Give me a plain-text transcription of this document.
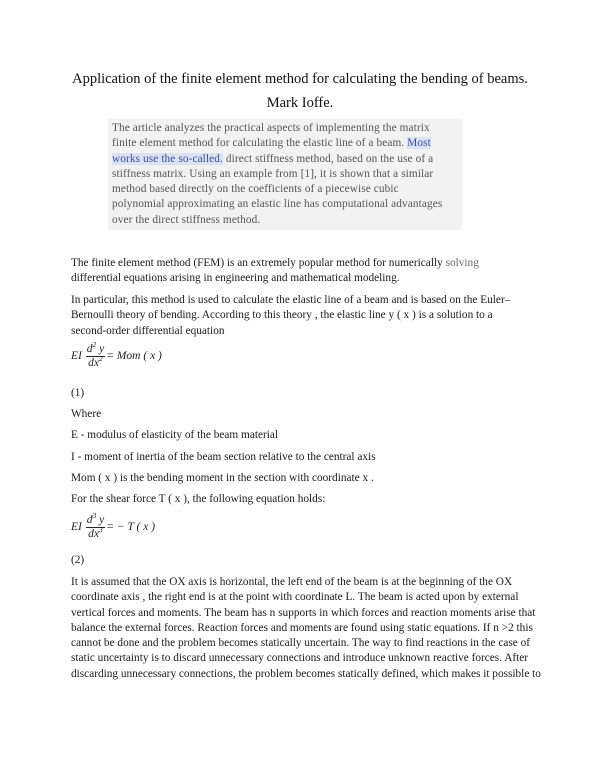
Application of the finite element method for calculating the bending of beams.
Mark Ioffe.
The article analyzes the practical aspects of implementing the matrix
finite element method for calculating the elastic line of a beam. Most
works use the so-called. direct stiffness method, based on the use of a
stiffness matrix. Using an example from [1], it is shown that a similar
method based directly on the coefficients of a piecewise cubic
polynomial approximating an elastic line has computational advantages
over the direct stiffness method.
The finite element method (FEM) is an extremely popular method for numerically solving
differential equations arising in engineering and mathematical modeling.
In particular, this method is used to calculate the elastic line of a beam and is based on the Euler–
Bernoulli theory of bending. According to this theory , the elastic line y ( x ) is a solution to a
second-order differential equation
EI $\frac{d^2 y}{dx^2}$ = Mom ( x )
(1)
Where
E - modulus of elasticity of the beam material
I - moment of inertia of the beam section relative to the central axis
Mom ( x ) is the bending moment in the section with coordinate x .
For the shear force T ( x ), the following equation holds:
EI $\frac{d^3 y}{dx^3}$ = − T ( x )
(2)
It is assumed that the OX axis is horizontal, the left end of the beam is at the beginning of the OX
coordinate axis , the right end is at the point with coordinate L. The beam is acted upon by external
vertical forces and moments. The beam has n supports in which forces and reaction moments arise that
balance the external forces. Reaction forces and moments are found using static equations. If n >2 this
cannot be done and the problem becomes statically uncertain. The way to find reactions in the case of
static uncertainty is to discard unnecessary connections and introduce unknown reactive forces. After
discarding unnecessary connections, the problem becomes statically defined, which makes it possible to
